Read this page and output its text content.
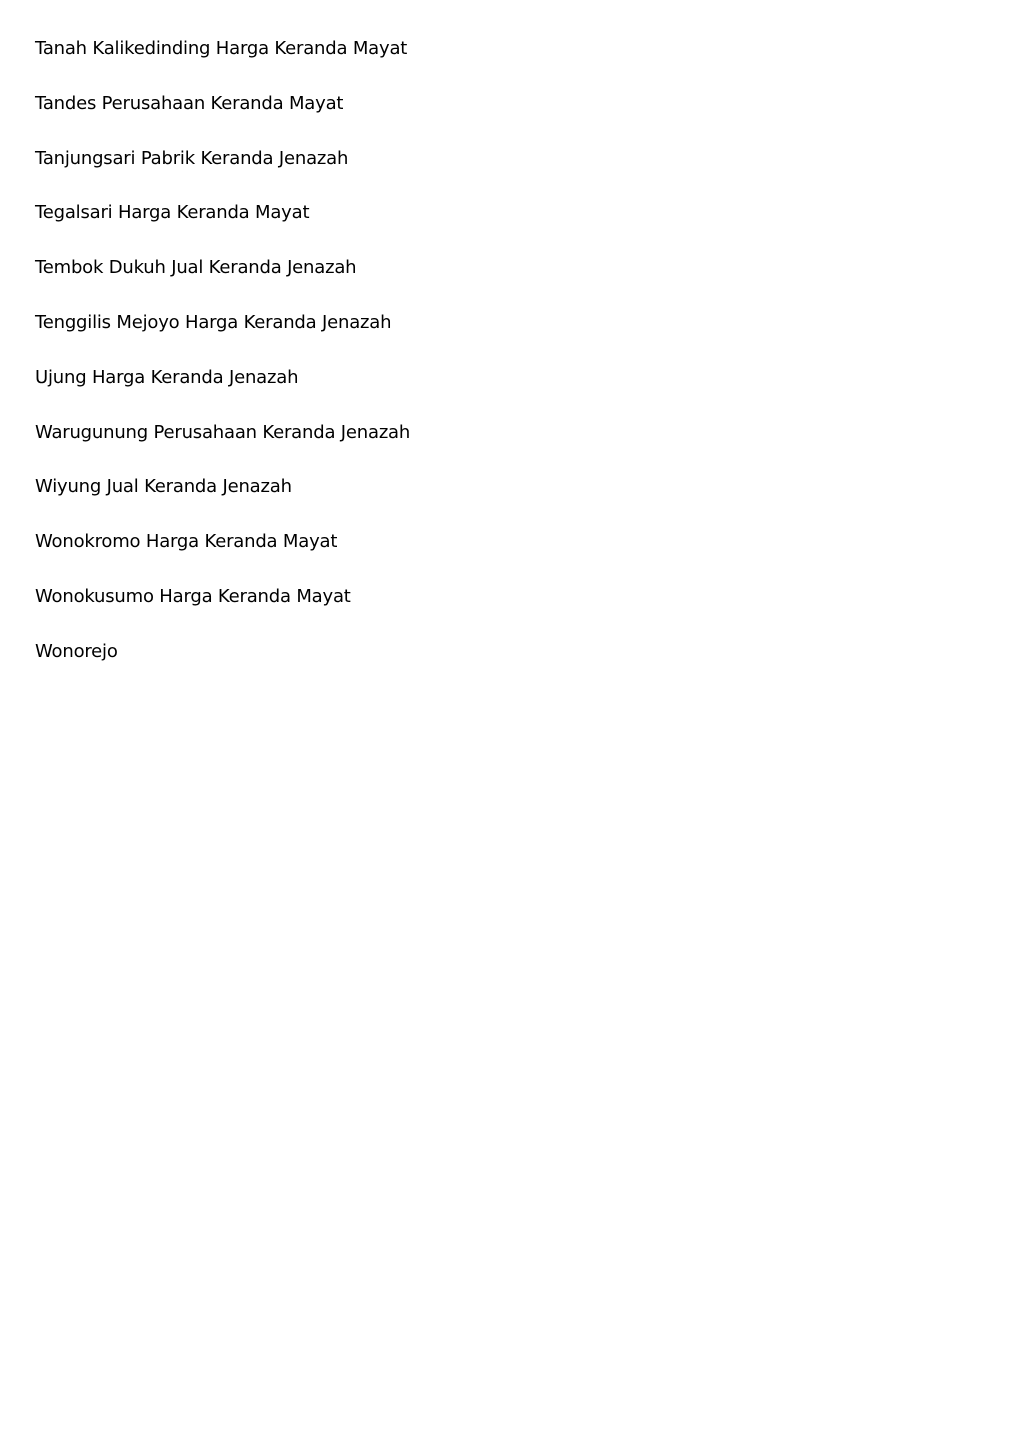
Tanah Kalikedinding Harga Keranda Mayat
Tandes Perusahaan Keranda Mayat
Tanjungsari Pabrik Keranda Jenazah
Tegalsari Harga Keranda Mayat
Tembok Dukuh Jual Keranda Jenazah
Tenggilis Mejoyo Harga Keranda Jenazah
Ujung Harga Keranda Jenazah
Warugunung Perusahaan Keranda Jenazah
Wiyung Jual Keranda Jenazah
Wonokromo Harga Keranda Mayat
Wonokusumo Harga Keranda Mayat
Wonorejo
